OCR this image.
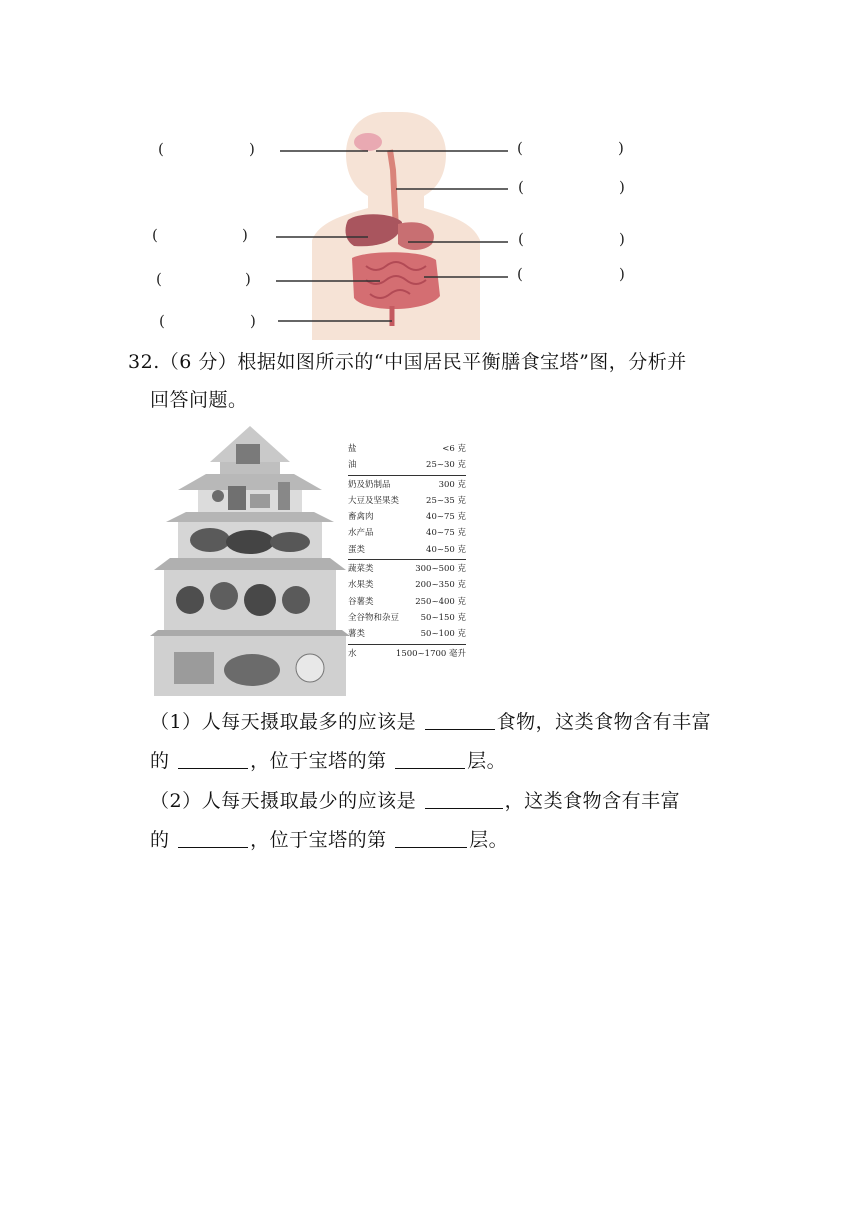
(	)
(	)
(	)
(	)
(	)
(	)
(	)
(	)
32.（6 分）根据如图所示的“中国居民平衡膳食宝塔”图，分析并
回答问题。
盐	<6 克
油	25~30 克
奶及奶制品	300 克
大豆及坚果类	25~35 克
畜禽肉	40~75 克
水产品	40~75 克
蛋类	40~50 克
蔬菜类	300~500 克
水果类	200~350 克
谷薯类	250~400 克
全谷物和杂豆	50~150 克
薯类	50~100 克
水	1500~1700 毫升
（1）人每天摄取最多的应该是	食物，这类食物含有丰富
的	，位于宝塔的第	层。
（2）人每天摄取最少的应该是	，这类食物含有丰富
的	，位于宝塔的第	层。
